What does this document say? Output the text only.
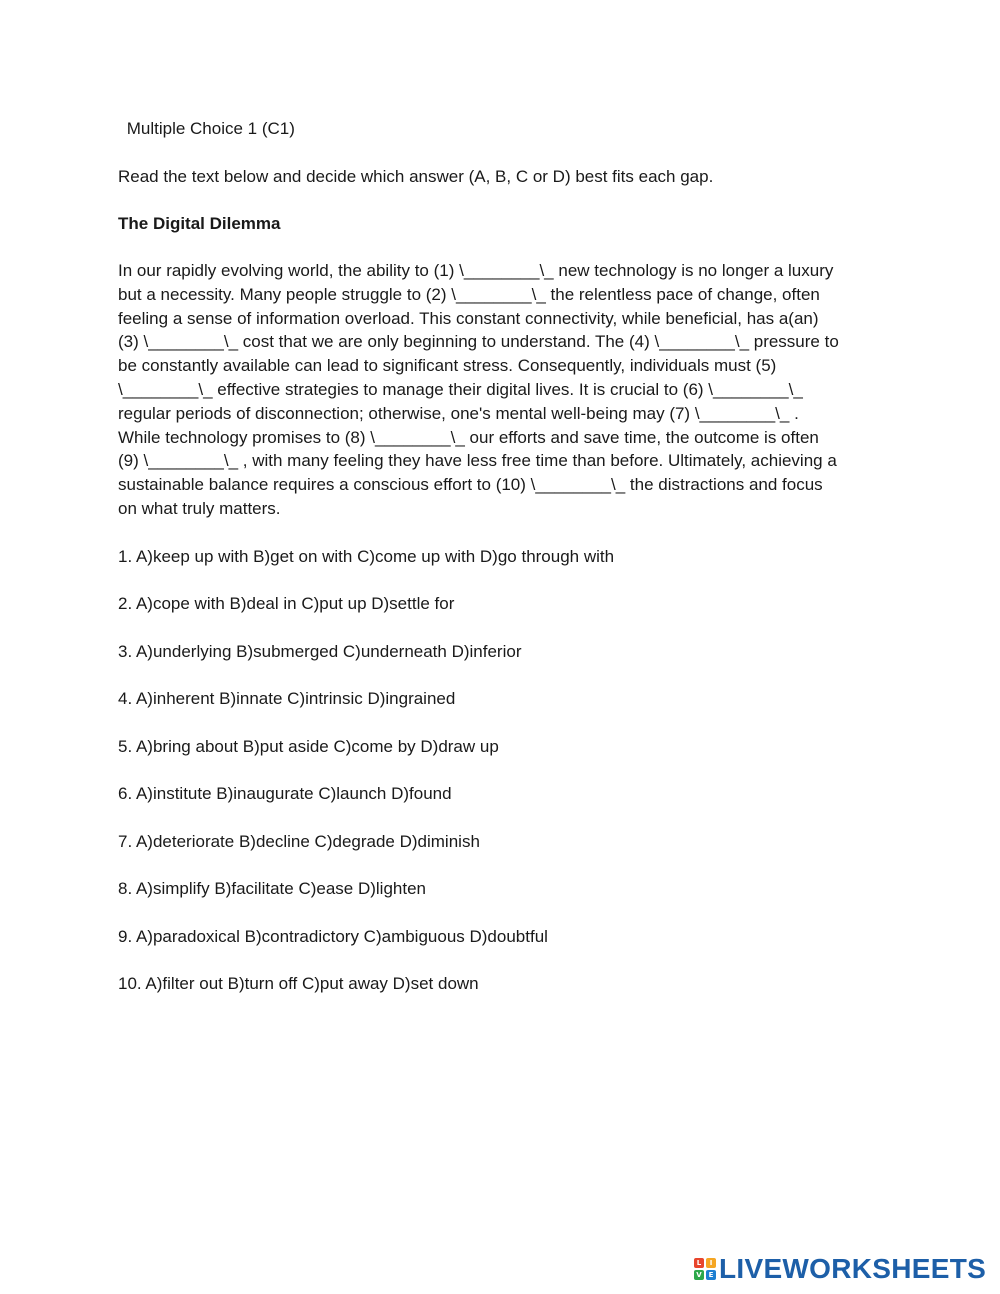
Multiple Choice 1 (C1)
Read the text below and decide which answer (A, B, C or D) best fits each gap.
The Digital Dilemma
In our rapidly evolving world, the ability to (1) \________\_ new technology is no longer a luxury
but a necessity. Many people struggle to (2) \________\_ the relentless pace of change, often
feeling a sense of information overload. This constant connectivity, while beneficial, has a(an)
(3) \________\_ cost that we are only beginning to understand. The (4) \________\_ pressure to
be constantly available can lead to significant stress. Consequently, individuals must (5)
\________\_ effective strategies to manage their digital lives. It is crucial to (6) \________\_
regular periods of disconnection; otherwise, one's mental well-being may (7) \________\_ .
While technology promises to (8) \________\_ our efforts and save time, the outcome is often
(9) \________\_ , with many feeling they have less free time than before. Ultimately, achieving a
sustainable balance requires a conscious effort to (10) \________\_ the distractions and focus
on what truly matters.
1. A)keep up with B)get on with C)come up with D)go through with
2. A)cope with B)deal in C)put up D)settle for
3. A)underlying B)submerged C)underneath D)inferior
4. A)inherent B)innate C)intrinsic D)ingrained
5. A)bring about B)put aside C)come by D)draw up
6. A)institute B)inaugurate C)launch D)found
7. A)deteriorate B)decline C)degrade D)diminish
8. A)simplify B)facilitate C)ease D)lighten
9. A)paradoxical B)contradictory C)ambiguous D)doubtful
10. A)filter out B)turn off C)put away D)set down
L	I
V E LIVEWORKSHEETS
